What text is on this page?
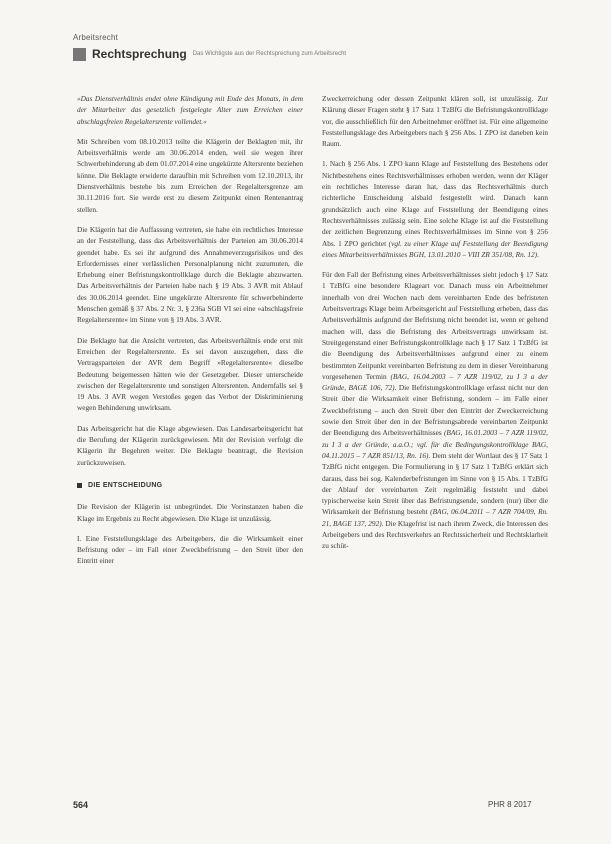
Arbeitsrecht
Rechtsprechung Das Wichtigste aus der Rechtsprechung zum Arbeitsrecht

»Das Dienstverhältnis endet ohne Kündigung mit Ende des Monats, in dem der Mitarbeiter das gesetzlich festgelegte Alter zum Erreichen einer abschlagsfreien Regelaltersrente vollendet.«

Mit Schreiben vom 08.10.2013 teilte die Klägerin der Beklagten mit, ihr Arbeitsverhältnis werde am 30.06.2014 enden, weil sie wegen ihrer Schwerbehinderung ab dem 01.07.2014 eine ungekürzte Altersrente beziehen könne. Die Beklagte erwiderte daraufhin mit Schreiben vom 12.10.2013, ihr Dienstverhältnis bestehe bis zum Erreichen der Regelaltersgrenze am 30.11.2016 fort. Sie werde erst zu diesem Zeitpunkt einen Rentenantrag stellen.

Die Klägerin hat die Auffassung vertreten, sie habe ein rechtliches Interesse an der Feststellung, dass das Arbeitsverhältnis der Parteien am 30.06.2014 geendet habe. Es sei ihr aufgrund des Annahmeverzugsrisikos und des Erfordernisses einer verlässlichen Personalplanung nicht zuzumuten, die Erhebung einer Befristungskontrollklage durch die Beklagte abzuwarten. Das Arbeitsverhältnis der Parteien habe nach § 19 Abs. 3 AVR mit Ablauf des 30.06.2014 geendet. Eine ungekürzte Altersrente für schwerbehinderte Menschen gemäß § 37 Abs. 2 Nr. 3, § 236a SGB VI sei eine »abschlagsfreie Regelaltersrente« im Sinne von § 19 Abs. 3 AVR.

Die Beklagte hat die Ansicht vertreten, das Arbeitsverhältnis ende erst mit Erreichen der Regelaltersrente. Es sei davon auszugehen, dass die Vertragsparteien der AVR dem Begriff »Regelaltersrente« dieselbe Bedeutung beigemessen hätten wie der Gesetzgeber. Dieser unterscheide zwischen der Regelaltersrente und sonstigen Altersrenten. Andernfalls sei § 19 Abs. 3 AVR wegen Verstoßes gegen das Verbot der Diskriminierung wegen Behinderung unwirksam.

Das Arbeitsgericht hat die Klage abgewiesen. Das Landesarbeitsgericht hat die Berufung der Klägerin zurückgewiesen. Mit der Revision verfolgt die Klägerin ihr Begehren weiter. Die Beklagte beantragt, die Revision zurückzuweisen.

DIE ENTSCHEIDUNG

Die Revision der Klägerin ist unbegründet. Die Vorinstanzen haben die Klage im Ergebnis zu Recht abgewiesen. Die Klage ist unzulässig.

I. Eine Feststellungsklage des Arbeitgebers, die die Wirksamkeit einer Befristung oder – im Fall einer Zweckbefristung – den Streit über den Eintritt einer

Zweckerreichung oder dessen Zeitpunkt klären soll, ist unzulässig. Zur Klärung dieser Fragen steht § 17 Satz 1 TzBfG die Befristungskontrollklage vor, die ausschließlich für den Arbeitnehmer eröffnet ist. Für eine allgemeine Feststellungsklage des Arbeitgebers nach § 256 Abs. 1 ZPO ist daneben kein Raum.

1. Nach § 256 Abs. 1 ZPO kann Klage auf Feststellung des Bestehens oder Nichtbestehens eines Rechtsverhältnisses erhoben werden, wenn der Kläger ein rechtliches Interesse daran hat, dass das Rechtsverhältnis durch richterliche Entscheidung alsbald festgestellt wird. Danach kann grundsätzlich auch eine Klage auf Feststellung der Beendigung eines Rechtsverhältnisses zulässig sein. Eine solche Klage ist auf die Feststellung der zeitlichen Begrenzung eines Rechtsverhältnisses im Sinne von § 256 Abs. 1 ZPO gerichtet (vgl. zu einer Klage auf Feststellung der Beendigung eines Mitarbeitsverhältnisses BGH, 13.01.2010 – VIII ZR 351/08, Rn. 12).

Für den Fall der Befristung eines Arbeitsverhältnisses sieht jedoch § 17 Satz 1 TzBfG eine besondere Klageart vor. Danach muss ein Arbeitnehmer innerhalb von drei Wochen nach dem vereinbarten Ende des befristeten Arbeitsvertrags Klage beim Arbeitsgericht auf Feststellung erheben, dass das Arbeitsverhältnis aufgrund der Befristung nicht beendet ist, wenn er geltend machen will, dass die Befristung des Arbeitsvertrags unwirksam ist. Streitgegenstand einer Befristungskontrollklage nach § 17 Satz 1 TzBfG ist die Beendigung des Arbeitsverhältnisses aufgrund einer zu einem bestimmten Zeitpunkt vereinbarten Befristung zu dem in dieser Vereinbarung vorgesehenen Termin (BAG, 16.04.2003 – 7 AZR 119/02, zu I 3 a der Gründe, BAGE 106, 72). Die Befristungskontrollklage erfasst nicht nur den Streit über die Wirksamkeit einer Befristung, sondern – im Falle einer Zweckbefristung – auch den Streit über den Eintritt der Zweckerreichung sowie den Streit über den in der Befristungsabrede vereinbarten Zeitpunkt der Beendigung des Arbeitsverhältnisses (BAG, 16.01.2003 – 7 AZR 119/02, zu I 3 a der Gründe, a.a.O.; vgl. für die Bedingungskontrollklage BAG, 04.11.2015 – 7 AZR 851/13, Rn. 16). Dem steht der Wortlaut des § 17 Satz 1 TzBfG nicht entgegen. Die Formulierung in § 17 Satz 1 TzBfG erklärt sich daraus, dass bei sog. Kalenderbefristungen im Sinne von § 15 Abs. 1 TzBfG der Ablauf der vereinbarten Zeit regelmäßig feststeht und dabei typischerweise kein Streit über das Befristungsende, sondern (nur) über die Wirksamkeit der Befristung besteht (BAG, 06.04.2011 – 7 AZR 704/09, Rn. 21, BAGE 137, 292). Die Klagefrist ist nach ihrem Zweck, die Interessen des Arbeitgebers und des Rechtsverkehrs an Rechtssicherheit und Rechtsklarheit zu schüt-

564	PHR 8 2017
